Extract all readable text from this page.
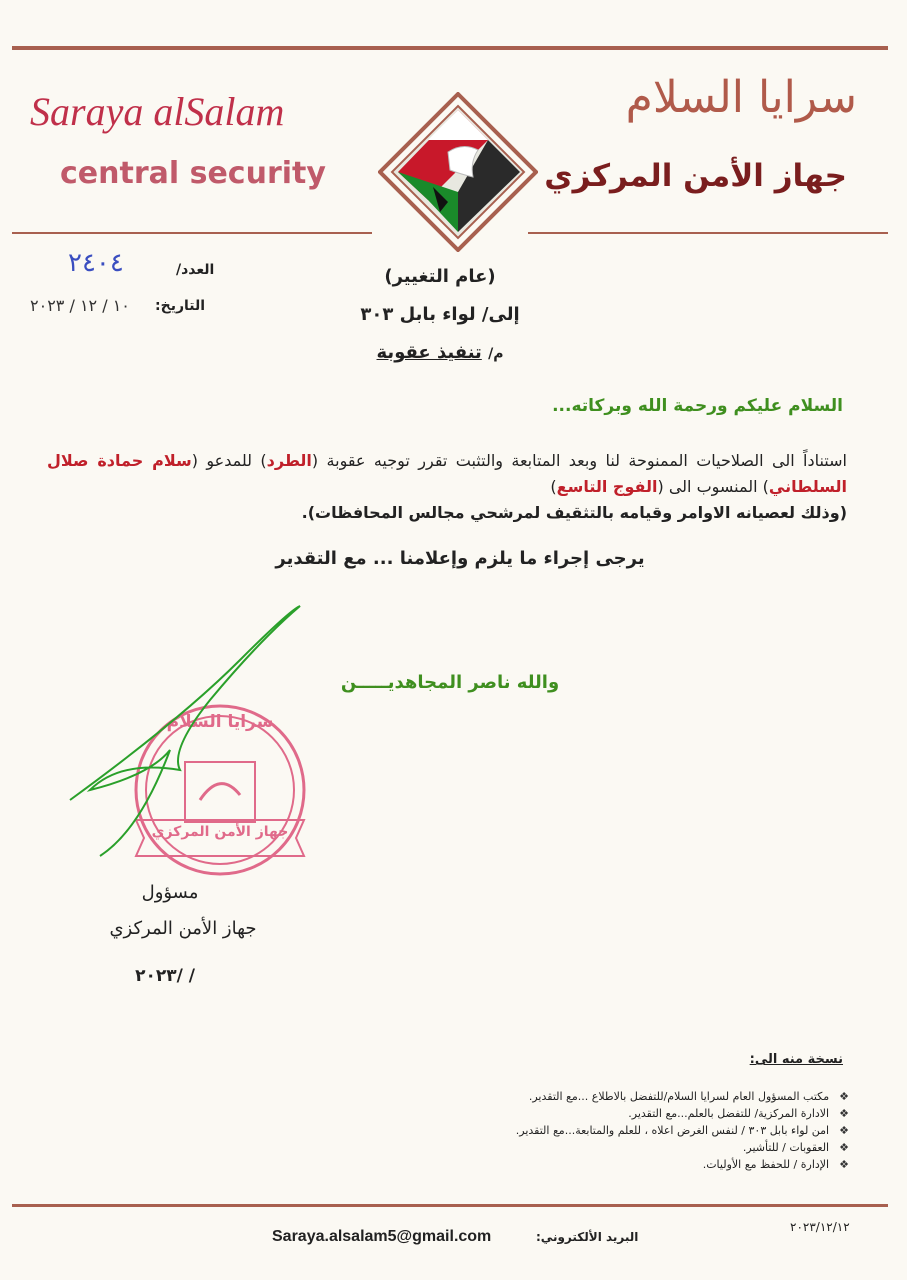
Saraya alSalam
central security
سرايا السلام
جهاز الأمن المركزي
العدد/
٢٤٠٤
التاريخ:
١٠ / ١٢ / ٢٠٢٣
(عام التغيير)
إلى/ لواء بابل ٣٠٣
م/ تنفيذ عقوبة
السلام عليكم ورحمة الله وبركاته...
استناداً الى الصلاحيات الممنوحة لنا وبعد المتابعة والتثبت تقرر توجيه عقوبة (الطرد) للمدعو (سلام حمادة صلال السلطاني) المنسوب الى (الفوج التاسع)
(وذلك لعصيانه الاوامر وقيامه بالتثقيف لمرشحي مجالس المحافظات).
يرجى إجراء ما يلزم وإعلامنا ... مع التقدير
والله ناصر المجاهديـــــن
سرايا السلام
جهاز الأمن المركزي
مسؤول
جهاز الأمن المركزي
/ /٢٠٢٣
نسخة منه الى:
❖مكتب المسؤول العام لسرايا السلام/للتفضل بالاطلاع ...مع التقدير.
❖الادارة المركزية/ للتفضل بالعلم...مع التقدير.
❖امن لواء بابل ٣٠٣ / لنفس الغرض اعلاه ، للعلم والمتابعة...مع التقدير.
❖العقوبات / للتأشير.
❖الإدارة / للحفظ مع الأوليات.
Saraya.alsalam5@gmail.com	البريد الألكتروني:
٢٠٢٣/١٢/١٢
